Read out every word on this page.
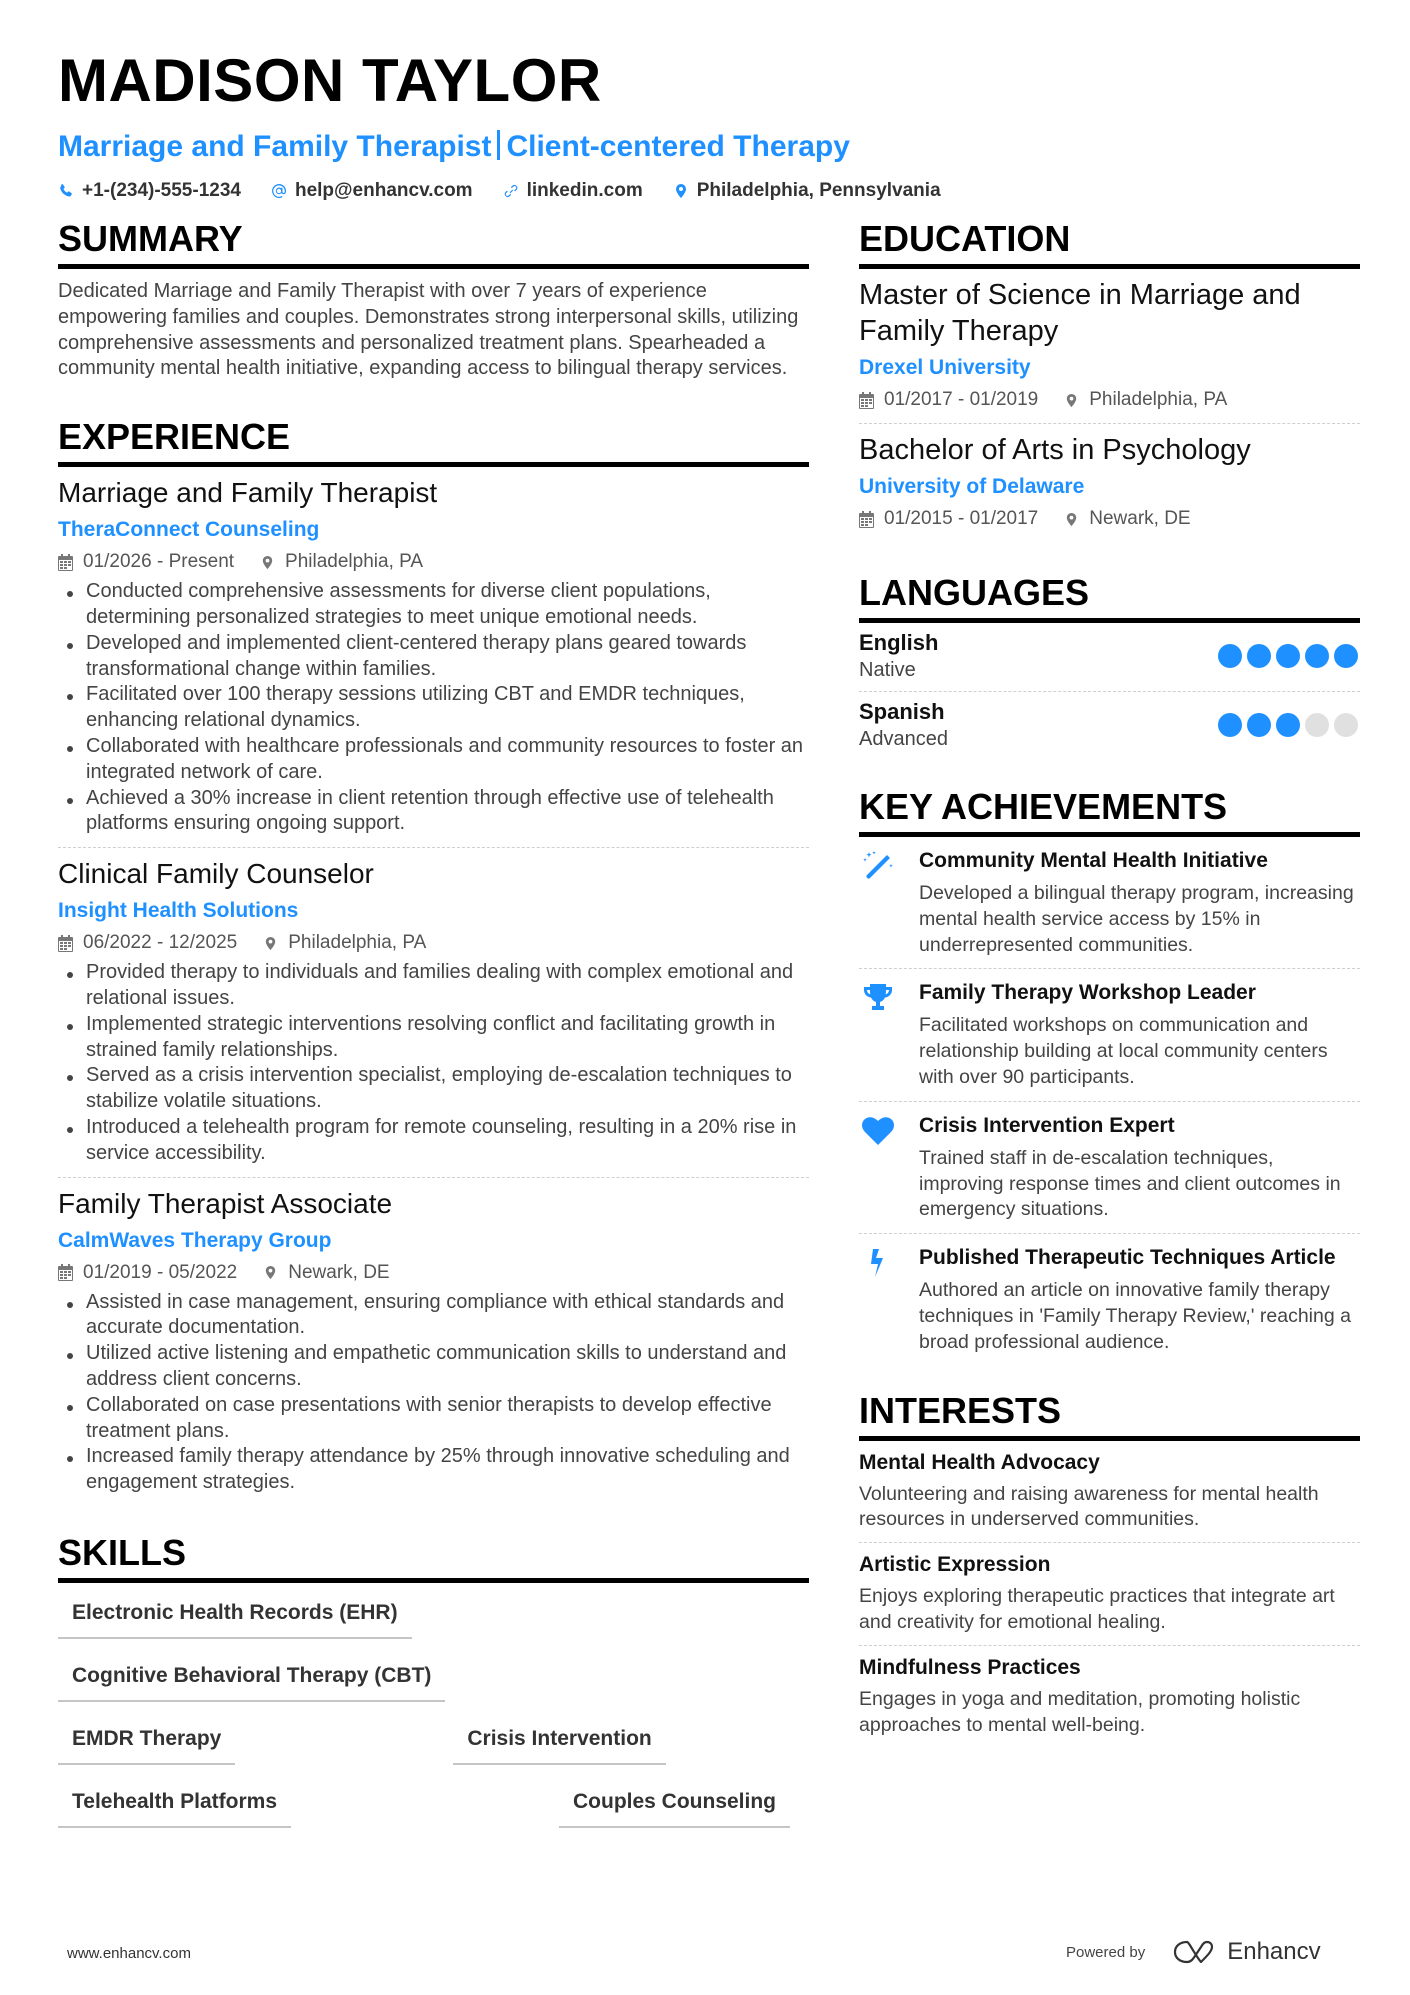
MADISON TAYLOR
Marriage and Family Therapist Client-centered Therapy
+1-(234)-555-1234	help@enhancv.com	linkedin.com	Philadelphia, Pennsylvania
SUMMARY
Dedicated Marriage and Family Therapist with over 7 years of experience empowering families and couples. Demonstrates strong interpersonal skills, utilizing comprehensive assessments and personalized treatment plans. Spearheaded a community mental health initiative, expanding access to bilingual therapy services.
EXPERIENCE
Marriage and Family Therapist
TheraConnect Counseling
01/2026 - Present	Philadelphia, PA
Conducted comprehensive assessments for diverse client populations, determining personalized strategies to meet unique emotional needs.
Developed and implemented client-centered therapy plans geared towards transformational change within families.
Facilitated over 100 therapy sessions utilizing CBT and EMDR techniques, enhancing relational dynamics.
Collaborated with healthcare professionals and community resources to foster an integrated network of care.
Achieved a 30% increase in client retention through effective use of telehealth platforms ensuring ongoing support.
Clinical Family Counselor
Insight Health Solutions
06/2022 - 12/2025	Philadelphia, PA
Provided therapy to individuals and families dealing with complex emotional and relational issues.
Implemented strategic interventions resolving conflict and facilitating growth in strained family relationships.
Served as a crisis intervention specialist, employing de-escalation techniques to stabilize volatile situations.
Introduced a telehealth program for remote counseling, resulting in a 20% rise in service accessibility.
Family Therapist Associate
CalmWaves Therapy Group
01/2019 - 05/2022	Newark, DE
Assisted in case management, ensuring compliance with ethical standards and accurate documentation.
Utilized active listening and empathetic communication skills to understand and address client concerns.
Collaborated on case presentations with senior therapists to develop effective treatment plans.
Increased family therapy attendance by 25% through innovative scheduling and engagement strategies.
SKILLS
Electronic Health Records (EHR)
Cognitive Behavioral Therapy (CBT)
EMDR Therapy	Crisis Intervention
Telehealth Platforms	Couples Counseling
EDUCATION
Master of Science in Marriage and Family Therapy
Drexel University
01/2017 - 01/2019	Philadelphia, PA
Bachelor of Arts in Psychology
University of Delaware
01/2015 - 01/2017	Newark, DE
LANGUAGES
English
Native
Spanish
Advanced
KEY ACHIEVEMENTS
Community Mental Health Initiative
Developed a bilingual therapy program, increasing mental health service access by 15% in underrepresented communities.
Family Therapy Workshop Leader
Facilitated workshops on communication and relationship building at local community centers with over 90 participants.
Crisis Intervention Expert
Trained staff in de-escalation techniques, improving response times and client outcomes in emergency situations.
Published Therapeutic Techniques Article
Authored an article on innovative family therapy techniques in 'Family Therapy Review,' reaching a broad professional audience.
INTERESTS
Mental Health Advocacy
Volunteering and raising awareness for mental health resources in underserved communities.
Artistic Expression
Enjoys exploring therapeutic practices that integrate art and creativity for emotional healing.
Mindfulness Practices
Engages in yoga and meditation, promoting holistic approaches to mental well-being.
www.enhancv.com	Powered by	Enhancv
